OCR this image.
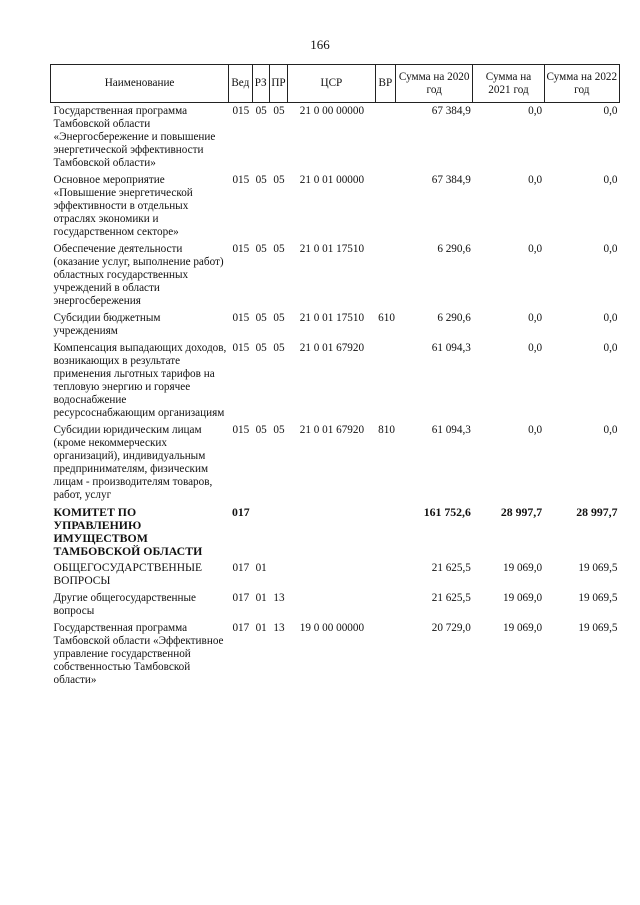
166
Наименование	Вед	РЗ	ПР	ЦСР	ВР	Сумма на 2020 год	Сумма на 2021 год	Сумма на 2022 год
Государственная программа Тамбовской области «Энергосбережение и повышение энергетической эффективности Тамбовской области»	015	05	05	21 0 00 00000		67 384,9	0,0	0,0
Основное мероприятие «Повышение энергетической эффективности в отдельных отраслях экономики и государственном секторе»	015	05	05	21 0 01 00000		67 384,9	0,0	0,0
Обеспечение деятельности (оказание услуг, выполнение работ) областных государственных учреждений в области энергосбережения	015	05	05	21 0 01 17510		6 290,6	0,0	0,0
Субсидии бюджетным учреждениям	015	05	05	21 0 01 17510	610	6 290,6	0,0	0,0
Компенсация выпадающих доходов, возникающих в результате применения льготных тарифов на тепловую энергию и горячее водоснабжение ресурсоснабжающим организациям	015	05	05	21 0 01 67920		61 094,3	0,0	0,0
Субсидии юридическим лицам (кроме некоммерческих организаций), индивидуальным предпринимателям, физическим лицам - производителям товаров, работ, услуг	015	05	05	21 0 01 67920	810	61 094,3	0,0	0,0
КОМИТЕТ ПО УПРАВЛЕНИЮ ИМУЩЕСТВОМ ТАМБОВСКОЙ ОБЛАСТИ	017					161 752,6	28 997,7	28 997,7
ОБЩЕГОСУДАРСТВЕННЫЕ ВОПРОСЫ	017	01				21 625,5	19 069,0	19 069,5
Другие общегосударственные вопросы	017	01	13			21 625,5	19 069,0	19 069,5
Государственная программа Тамбовской области «Эффективное управление государственной собственностью Тамбовской области»	017	01	13	19 0 00 00000		20 729,0	19 069,0	19 069,5
